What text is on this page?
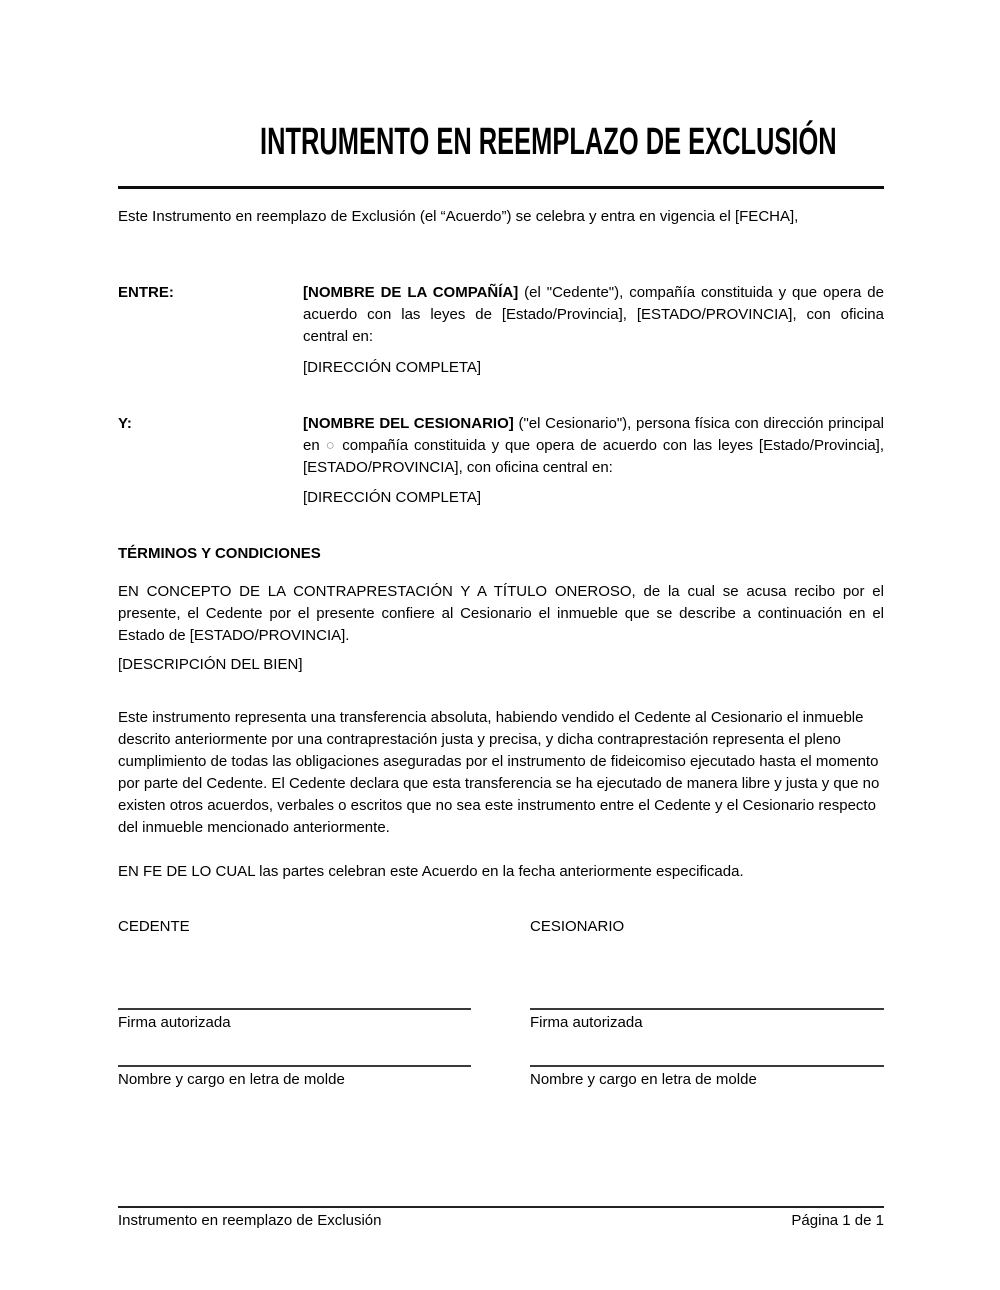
INTRUMENTO EN REEMPLAZO DE EXCLUSIÓN

Este Instrumento en reemplazo de Exclusión (el “Acuerdo”) se celebra y entra en vigencia el [FECHA],

ENTRE:	[NOMBRE DE LA COMPAÑÍA] (el "Cedente"), compañía constituida y que opera de acuerdo con las leyes de [Estado/Provincia], [ESTADO/PROVINCIA], con oficina central en:

[DIRECCIÓN COMPLETA]

Y:	[NOMBRE DEL CESIONARIO] ("el Cesionario"), persona física con dirección principal en ○ compañía constituida y que opera de acuerdo con las leyes [Estado/Provincia], [ESTADO/PROVINCIA], con oficina central en:

[DIRECCIÓN COMPLETA]

TÉRMINOS Y CONDICIONES

EN CONCEPTO DE LA CONTRAPRESTACIÓN Y A TÍTULO ONEROSO, de la cual se acusa recibo por el presente, el Cedente por el presente confiere al Cesionario el inmueble que se describe a continuación en el Estado de [ESTADO/PROVINCIA].

[DESCRIPCIÓN DEL BIEN]

Este instrumento representa una transferencia absoluta, habiendo vendido el Cedente al Cesionario el inmueble descrito anteriormente por una contraprestación justa y precisa, y dicha contraprestación representa el pleno cumplimiento de todas las obligaciones aseguradas por el instrumento de fideicomiso ejecutado hasta el momento por parte del Cedente. El Cedente declara que esta transferencia se ha ejecutado de manera libre y justa y que no existen otros acuerdos, verbales o escritos que no sea este instrumento entre el Cedente y el Cesionario respecto del inmueble mencionado anteriormente.

EN FE DE LO CUAL las partes celebran este Acuerdo en la fecha anteriormente especificada.

CEDENTE	CESIONARIO
Firma autorizada	Firma autorizada
Nombre y cargo en letra de molde	Nombre y cargo en letra de molde
Instrumento en reemplazo de Exclusión	Página 1 de 1
